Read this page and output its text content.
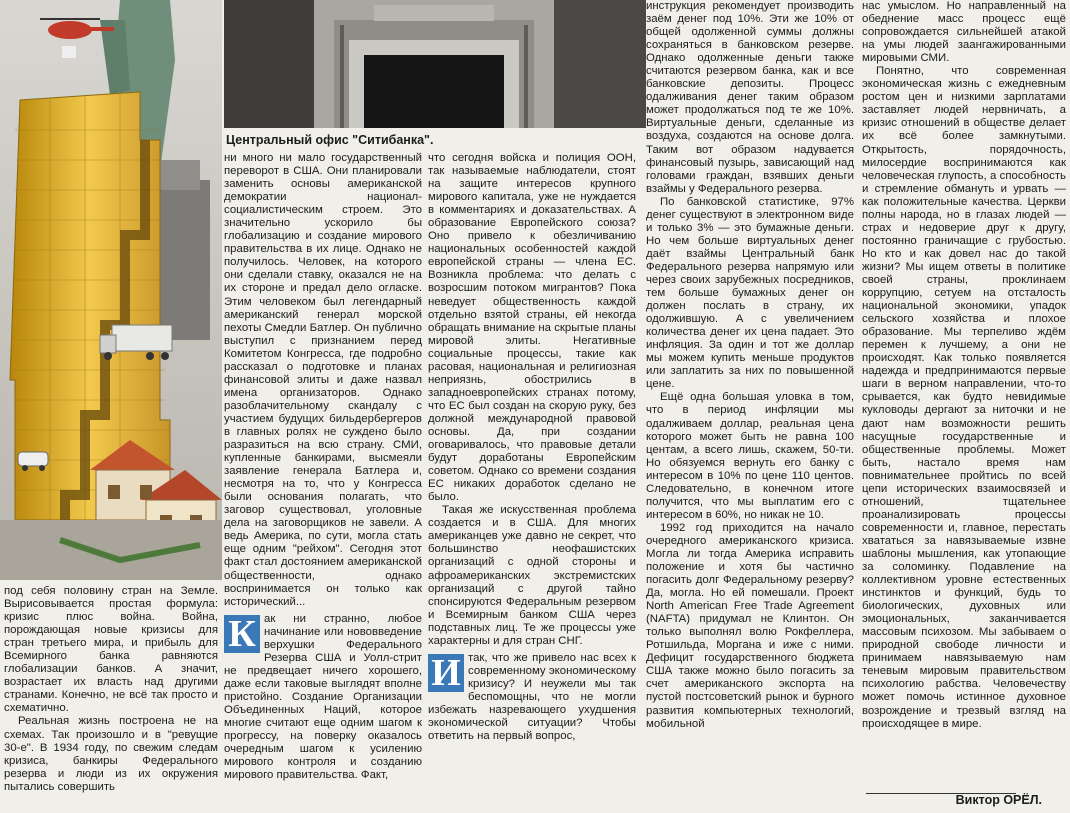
Центральный офис "Ситибанка".

под себя половину стран на Земле. Вырисовывается простая формула: кризис плюс война. Война, порождающая новые кризисы для стран третьего мира, и прибыль для Всемирного банка равняются глобализации банков. А значит, возрастает их власть над другими странами. Конечно, не всё так просто и схематично.

Реальная жизнь построена не на схемах. Так произошло и в "ревущие 30-е". В 1934 году, по свежим следам кризиса, банкиры Федерального резерва и люди из их окружения пытались совершить

ни много ни мало государственный переворот в США. Они планировали заменить основы американской демократии национал-социалистическим строем. Это значительно ускорило бы глобализацию и создание мирового правительства в их лице. Однако не получилось. Человек, на которого они сделали ставку, оказался не на их стороне и предал дело огласке. Этим человеком был легендарный американский генерал морской пехоты Смедли Батлер. Он публично выступил с признанием перед Комитетом Конгресса, где подробно рассказал о подготовке и планах финансовой элиты и даже назвал имена организаторов. Однако разоблачительному скандалу с участием будущих бильдербергеров в главных ролях не суждено было разразиться на всю страну. СМИ, купленные банкирами, высмеяли заявление генерала Батлера и, несмотря на то, что у Конгресса были основания полагать, что заговор существовал, уголовные дела на заговорщиков не завели. А ведь Америка, по сути, могла стать еще одним "рейхом". Сегодня этот факт стал достоянием американской общественности, однако воспринимается он только как исторический...

К ак ни странно, любое начинание или нововведение верхушки Федерального Резерва США и Уолл-стрит не предвещает ничего хорошего, даже если таковые выглядят вполне пристойно. Создание Организации Объединенных Наций, которое многие считают еще одним шагом к прогрессу, на поверку оказалось очередным шагом к усилению мирового контроля и созданию мирового правительства. Факт,

что сегодня войска и полиция ООН, так называемые наблюдатели, стоят на защите интересов крупного мирового капитала, уже не нуждается в комментариях и доказательствах. А образование Европейского союза? Оно привело к обезличиванию национальных особенностей каждой европейской страны — члена ЕС. Возникла проблема: что делать с возросшим потоком мигрантов? Пока неведует общественность каждой отдельно взятой страны, ей некогда обращать внимание на скрытые планы мировой элиты. Негативные социальные процессы, такие как расовая, национальная и религиозная неприязнь, обострились в западноевропейских странах потому, что ЕС был создан на скорую руку, без должной международной правовой основы. Да, при создании оговаривалось, что правовые детали будут доработаны Европейским советом. Однако со времени создания ЕС никаких доработок сделано не было.

Такая же искусственная проблема создается и в США. Для многих американцев уже давно не секрет, что большинство неофашистских организаций с одной стороны и афроамериканских экстремистских организаций с другой тайно спонсируются Федеральным резервом и Всемирным банком США через подставных лиц. Те же процессы уже характерны и для стран СНГ.

И так, что же привело нас всех к современному экономическому кризису? И неужели мы так беспомощны, что не могли избежать назревающего ухудшения экономической ситуации? Чтобы ответить на первый вопрос,

инструкция рекомендует производить заём денег под 10%. Эти же 10% от общей одолженной суммы должны сохраняться в банковском резерве. Однако одолженные деньги также считаются резервом банка, как и все банковские депозиты. Процесс одалживания денег таким образом может продолжаться под те же 10%. Виртуальные деньги, сделанные из воздуха, создаются на основе долга. Таким вот образом надувается финансовый пузырь, зависающий над головами граждан, взявших деньги взаймы у Федерального резерва.

По банковской статистике, 97% денег существуют в электронном виде и только 3% — это бумажные деньги. Но чем больше виртуальных денег даёт взаймы Центральный банк Федерального резерва напрямую или через своих зарубежных посредников, тем больше бумажных денег он должен послать в страну, их одолжившую. А с увеличением количества денег их цена падает. Это инфляция. За один и тот же доллар мы можем купить меньше продуктов или заплатить за них по повышенной цене.

Ещё одна большая уловка в том, что в период инфляции мы одалживаем доллар, реальная цена которого может быть не равна 100 центам, а всего лишь, скажем, 50-ти. Но обязуемся вернуть его банку с интересом в 10% по цене 110 центов. Следовательно, в конечном итоге получится, что мы выплатим его с интересом в 60%, но никак не 10.

1992 год приходится на начало очередного американского кризиса. Могла ли тогда Америка исправить положение и хотя бы частично погасить долг Федеральному резерву? Да, могла. Но ей помешали. Проект North American Free Trade Agreement (NAFTA) придумал не Клинтон. Он только выполнял волю Рокфеллера, Ротшильда, Моргана и иже с ними. Дефицит государственного бюджета США также можно было погасить за счет американского экспорта на пустой постсоветский рынок и бурного развития компьютерных технологий, мобильной

нас умыслом. Но направленный на обеднение масс процесс ещё сопровождается сильнейшей атакой на умы людей заангажированными мировыми СМИ.

Понятно, что современная экономическая жизнь с ежедневным ростом цен и низкими зарплатами заставляет людей нервничать, а кризис отношений в обществе делает их всё более замкнутыми. Открытость, порядочность, милосердие воспринимаются как человеческая глупость, а способность и стремление обмануть и урвать — как положительные качества. Церкви полны народа, но в глазах людей — страх и недоверие друг к другу, постоянно граничащие с грубостью. Но кто и как довел нас до такой жизни? Мы ищем ответы в политике своей страны, проклинаем коррупцию, сетуем на отсталость национальной экономики, упадок сельского хозяйства и плохое образование. Мы терпеливо ждём перемен к лучшему, а они не происходят. Как только появляется надежда и предпринимаются первые шаги в верном направлении, что-то срывается, как будто невидимые кукловоды дергают за ниточки и не дают нам возможности решить насущные государственные и общественные проблемы. Может быть, настало время нам повнимательнее пройтись по всей цепи исторических взаимосвязей и отношений, тщательнее проанализировать процессы современности и, главное, перестать хвататься за навязываемые извне шаблоны мышления, как утопающие за соломинку. Подавление на коллективном уровне естественных инстинктов и функций, будь то биологических, духовных или эмоциональных, заканчивается массовым психозом. Мы забываем о природной свободе личности и принимаем навязываемую нам теневым мировым правительством психологию рабства. Человечеству может помочь истинное духовное возрождение и трезвый взгляд на происходящее в мире.

Виктор ОРЁЛ.
